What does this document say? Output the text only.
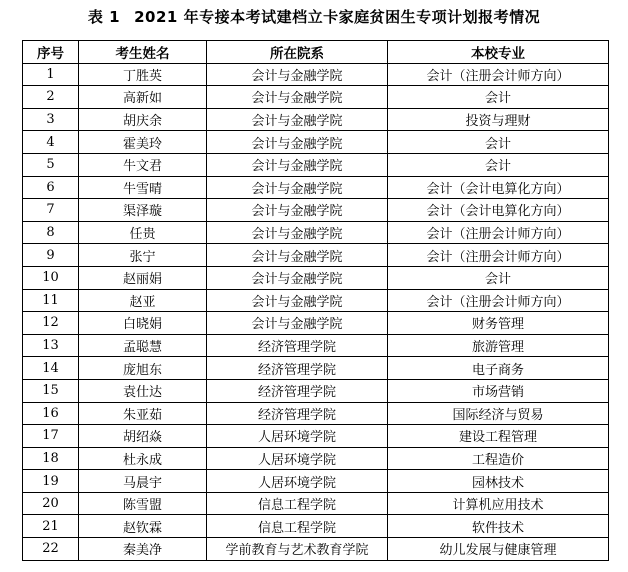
表 1 2021 年专接本考试建档立卡家庭贫困生专项计划报考情况
序号	考生姓名	所在院系	本校专业
1	丁胜英	会计与金融学院	会计（注册会计师方向）
2	高新如	会计与金融学院	会计
3	胡庆余	会计与金融学院	投资与理财
4	霍美玲	会计与金融学院	会计
5	牛文君	会计与金融学院	会计
6	牛雪晴	会计与金融学院	会计（会计电算化方向）
7	渠泽璇	会计与金融学院	会计（会计电算化方向）
8	任贵	会计与金融学院	会计（注册会计师方向）
9	张宁	会计与金融学院	会计（注册会计师方向）
10	赵丽娟	会计与金融学院	会计
11	赵亚	会计与金融学院	会计（注册会计师方向）
12	白晓娟	会计与金融学院	财务管理
13	孟聪慧	经济管理学院	旅游管理
14	庞旭东	经济管理学院	电子商务
15	袁仕达	经济管理学院	市场营销
16	朱亚茹	经济管理学院	国际经济与贸易
17	胡绍焱	人居环境学院	建设工程管理
18	杜永成	人居环境学院	工程造价
19	马晨宇	人居环境学院	园林技术
20	陈雪盟	信息工程学院	计算机应用技术
21	赵钦霖	信息工程学院	软件技术
22	秦美净	学前教育与艺术教育学院	幼儿发展与健康管理
